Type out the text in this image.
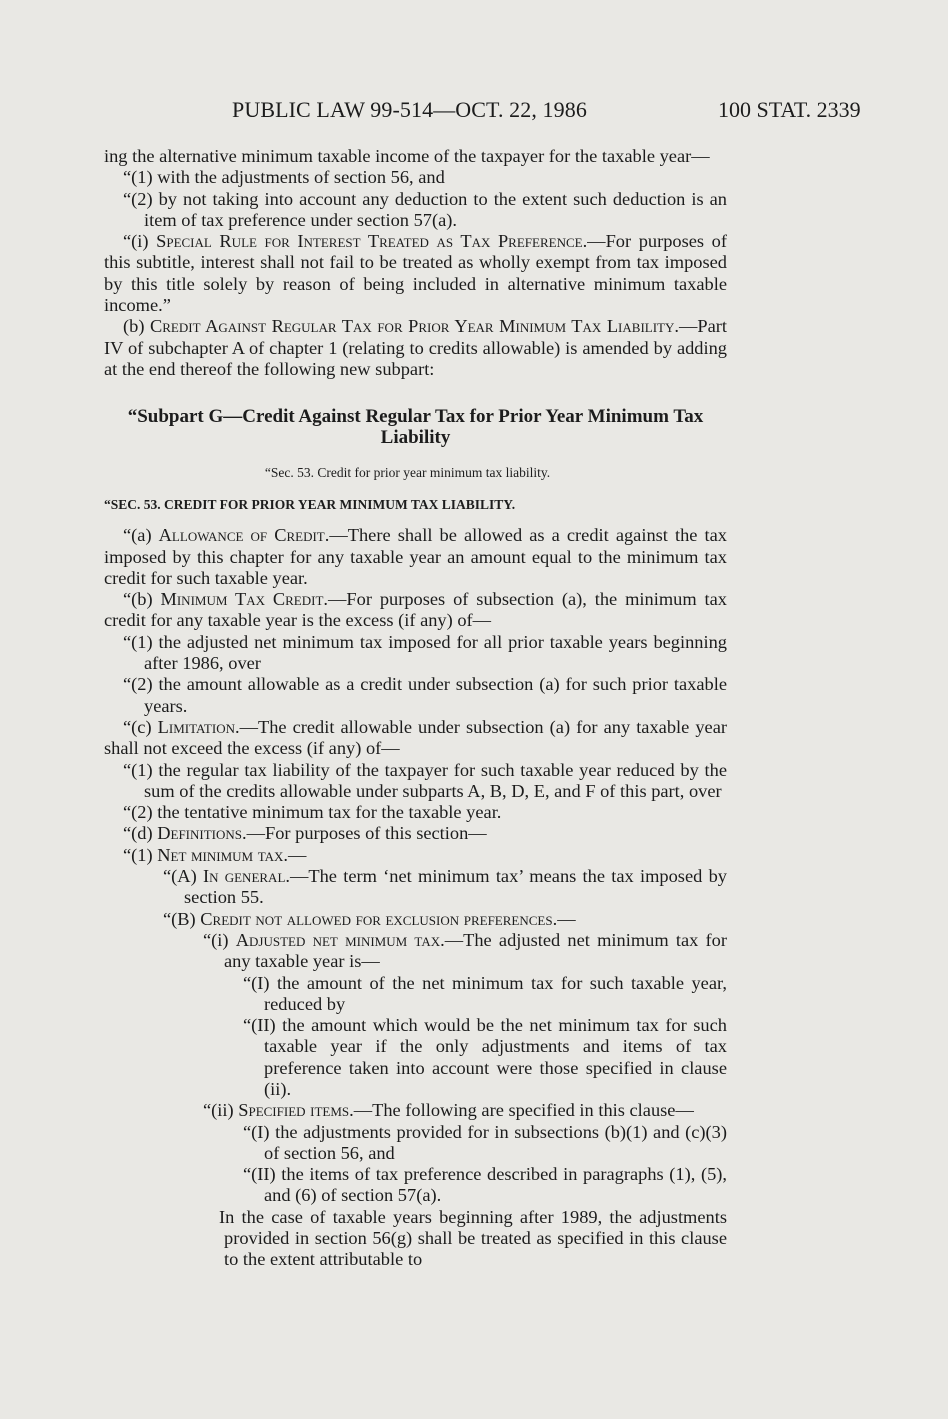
PUBLIC LAW 99-514—OCT. 22, 1986	100 STAT. 2339

ing the alternative minimum taxable income of the taxpayer for the taxable year—

“(1) with the adjustments of section 56, and

“(2) by not taking into account any deduction to the extent such deduction is an item of tax preference under section 57(a).

“(i) Special Rule for Interest Treated as Tax Preference.—For purposes of this subtitle, interest shall not fail to be treated as wholly exempt from tax imposed by this title solely by reason of being included in alternative minimum taxable income.”

(b) Credit Against Regular Tax for Prior Year Minimum Tax Liability.—Part IV of subchapter A of chapter 1 (relating to credits allowable) is amended by adding at the end thereof the following new subpart:

“Subpart G—Credit Against Regular Tax for Prior Year Minimum Tax Liability

“Sec. 53. Credit for prior year minimum tax liability.

“SEC. 53. CREDIT FOR PRIOR YEAR MINIMUM TAX LIABILITY.

“(a) Allowance of Credit.—There shall be allowed as a credit against the tax imposed by this chapter for any taxable year an amount equal to the minimum tax credit for such taxable year.

“(b) Minimum Tax Credit.—For purposes of subsection (a), the minimum tax credit for any taxable year is the excess (if any) of—

“(1) the adjusted net minimum tax imposed for all prior taxable years beginning after 1986, over

“(2) the amount allowable as a credit under subsection (a) for such prior taxable years.

“(c) Limitation.—The credit allowable under subsection (a) for any taxable year shall not exceed the excess (if any) of—

“(1) the regular tax liability of the taxpayer for such taxable year reduced by the sum of the credits allowable under subparts A, B, D, E, and F of this part, over

“(2) the tentative minimum tax for the taxable year.

“(d) Definitions.—For purposes of this section—

“(1) Net minimum tax.—

“(A) In general.—The term ‘net minimum tax’ means the tax imposed by section 55.

“(B) Credit not allowed for exclusion preferences.—

“(i) Adjusted net minimum tax.—The adjusted net minimum tax for any taxable year is—

“(I) the amount of the net minimum tax for such taxable year, reduced by

“(II) the amount which would be the net minimum tax for such taxable year if the only adjustments and items of tax preference taken into account were those specified in clause (ii).

“(ii) Specified items.—The following are specified in this clause—

“(I) the adjustments provided for in subsections (b)(1) and (c)(3) of section 56, and

“(II) the items of tax preference described in paragraphs (1), (5), and (6) of section 57(a).

In the case of taxable years beginning after 1989, the adjustments provided in section 56(g) shall be treated as specified in this clause to the extent attributable to
